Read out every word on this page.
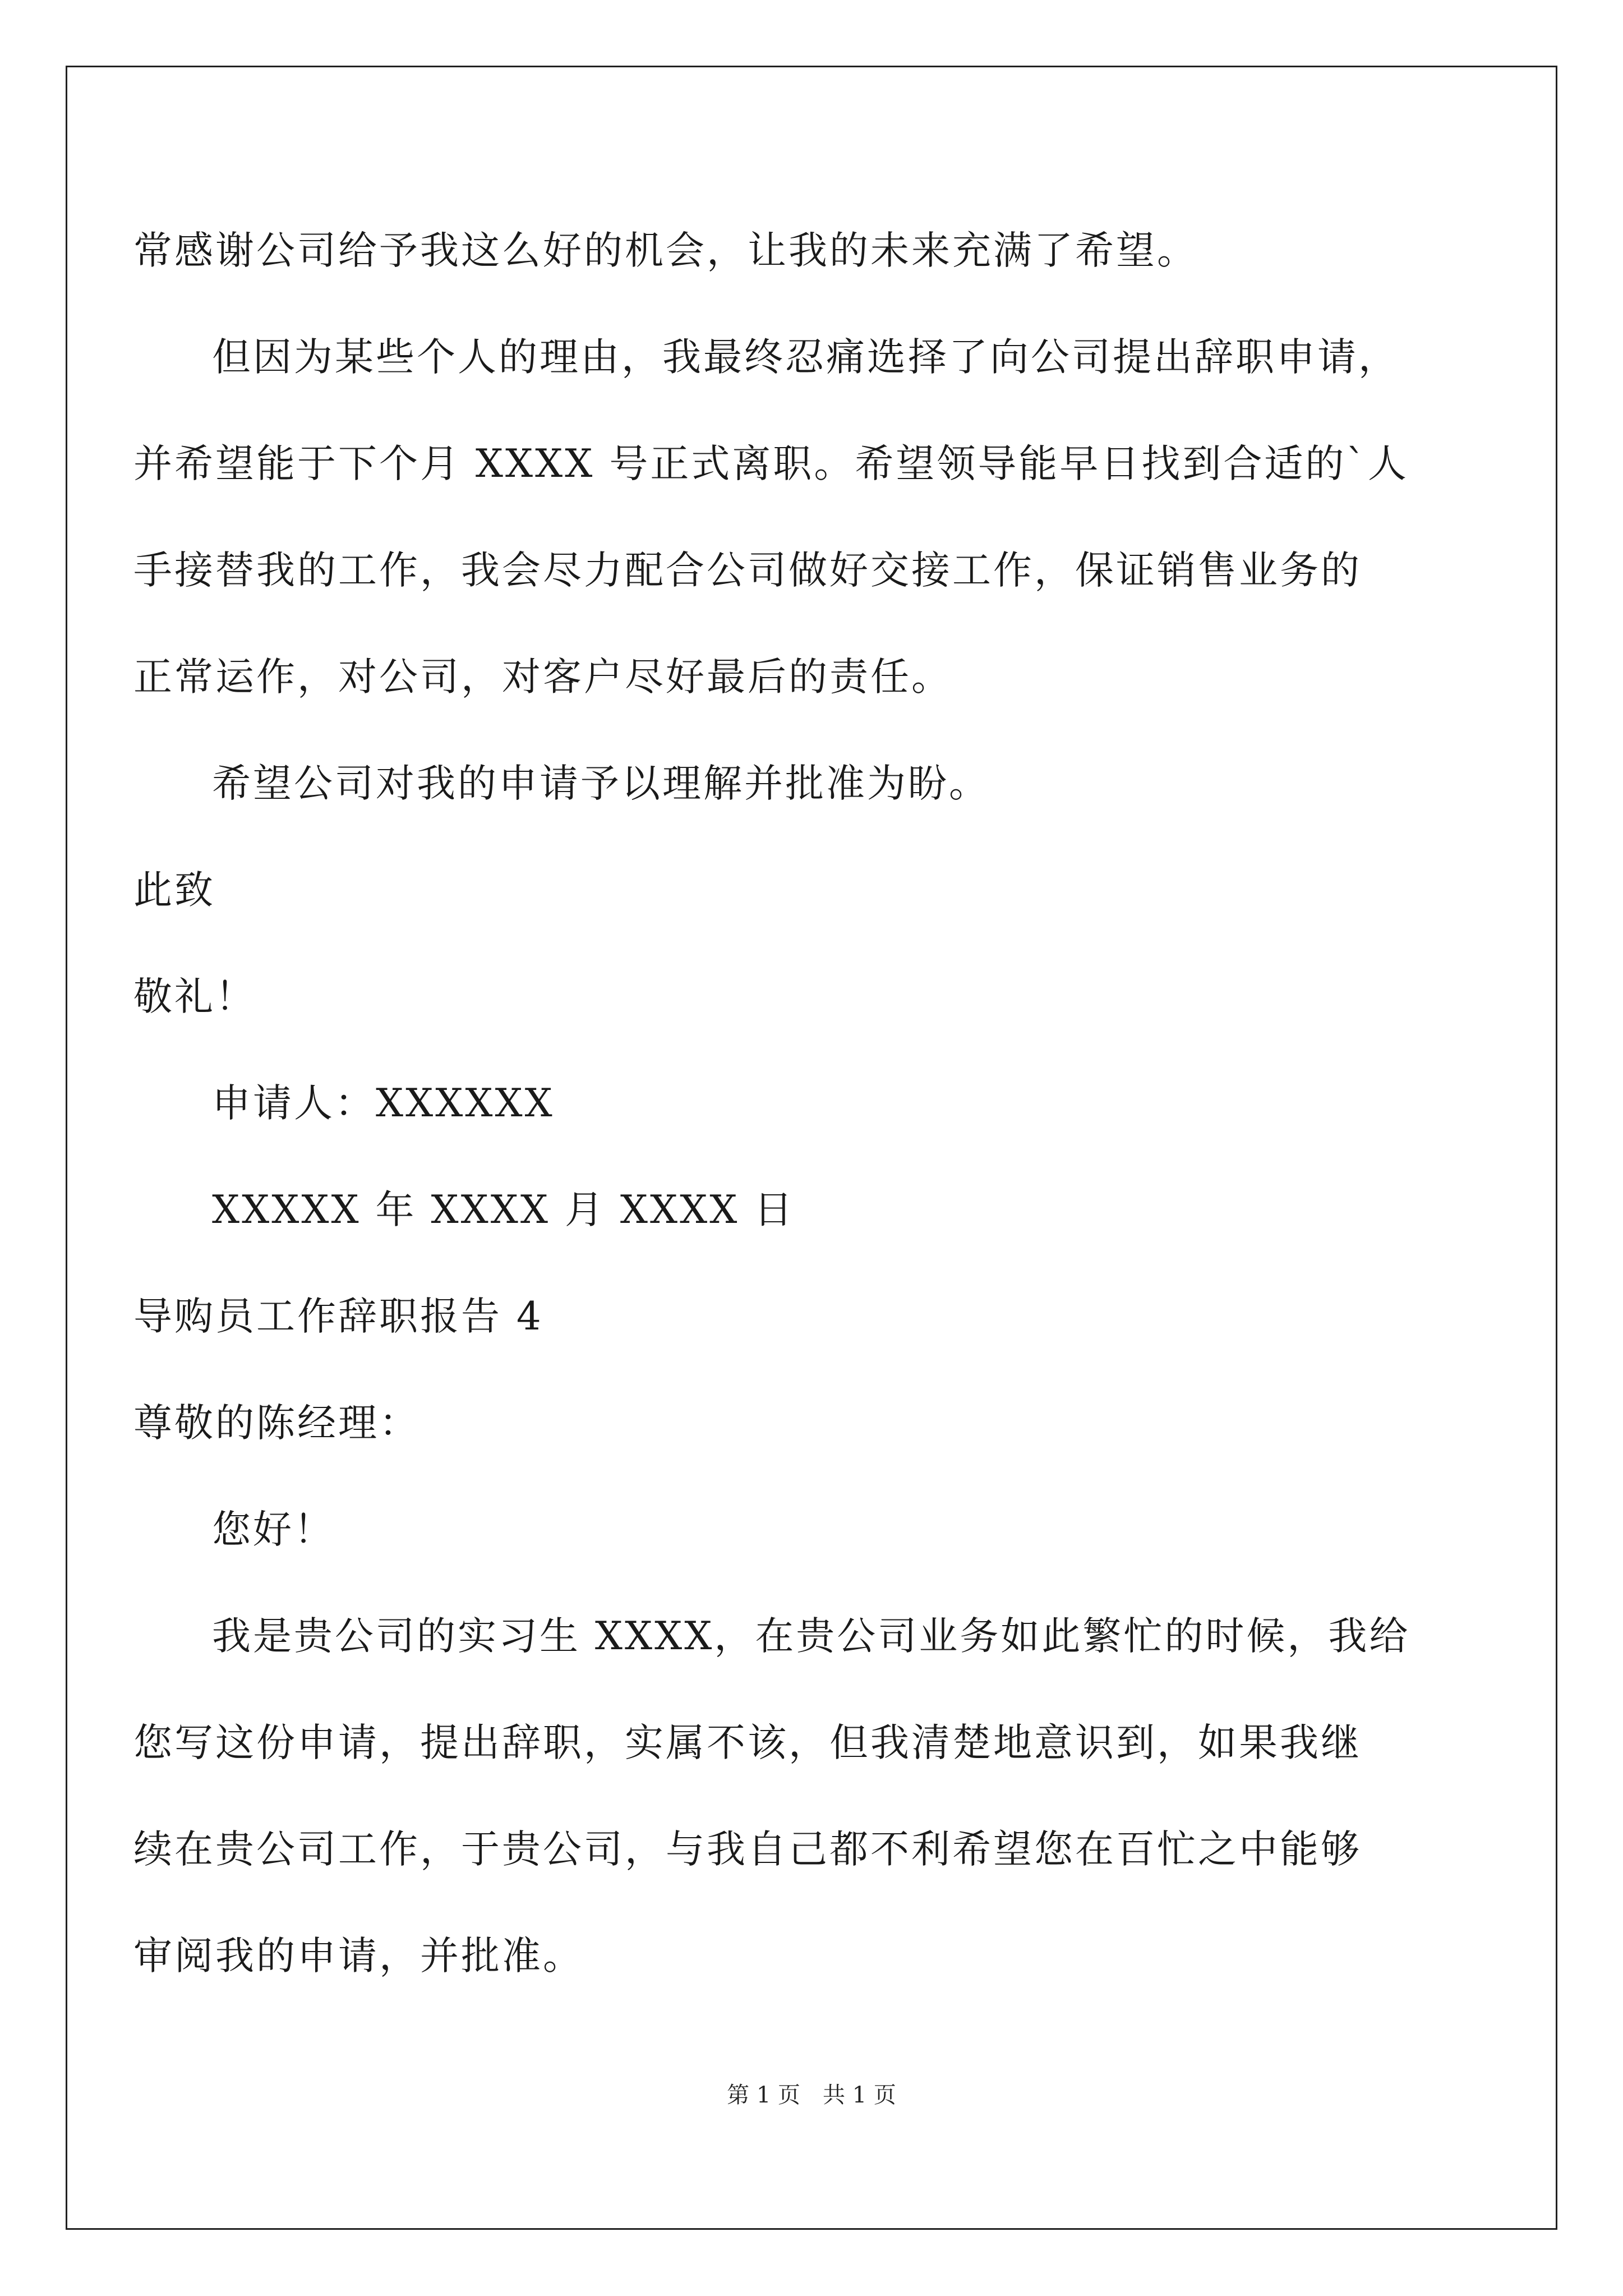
常感谢公司给予我这么好的机会，让我的未来充满了希望。
但因为某些个人的理由，我最终忍痛选择了向公司提出辞职申请，
并希望能于下个月 XXXX 号正式离职。希望领导能早日找到合适的`人
手接替我的工作，我会尽力配合公司做好交接工作，保证销售业务的
正常运作，对公司，对客户尽好最后的责任。
希望公司对我的申请予以理解并批准为盼。
此致
敬礼！
申请人：XXXXXX
XXXXX 年 XXXX 月 XXXX 日
导购员工作辞职报告 4
尊敬的陈经理：
您好！
我是贵公司的实习生 XXXX，在贵公司业务如此繁忙的时候，我给
您写这份申请，提出辞职，实属不该，但我清楚地意识到，如果我继
续在贵公司工作，于贵公司，与我自己都不利希望您在百忙之中能够
审阅我的申请，并批准。
第 1 页　共 1 页
